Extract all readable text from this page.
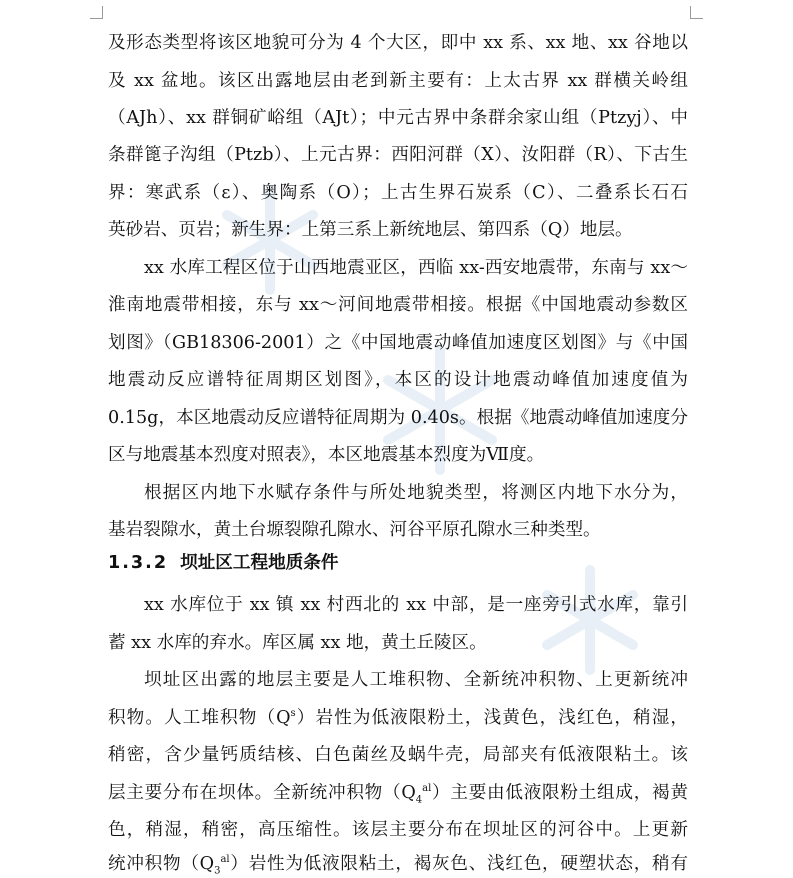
及形态类型将该区地貌可分为 4 个大区，即中 xx 系、xx 地、xx 谷地以
及 xx 盆地。该区出露地层由老到新主要有：上太古界 xx 群横关岭组
（AJh）、xx 群铜矿峪组（AJt）；中元古界中条群余家山组（Ptzyj）、中
条群篦子沟组（Ptzb）、上元古界：西阳河群（X）、汝阳群（R）、下古生
界：寒武系（ε）、奥陶系（O）；上古生界石炭系（C）、二叠系长石石
英砂岩、页岩；新生界：上第三系上新统地层、第四系（Q）地层。
xx 水库工程区位于山西地震亚区，西临 xx-西安地震带，东南与 xx～
淮南地震带相接，东与 xx～河间地震带相接。根据《中国地震动参数区
划图》（GB18306-2001）之《中国地震动峰值加速度区划图》与《中国
地震动反应谱特征周期区划图》，本区的设计地震动峰值加速度值为
0.15g，本区地震动反应谱特征周期为 0.40s。根据《地震动峰值加速度分
区与地震基本烈度对照表》，本区地震基本烈度为Ⅶ度。
根据区内地下水赋存条件与所处地貌类型，将测区内地下水分为，
基岩裂隙水，黄土台塬裂隙孔隙水、河谷平原孔隙水三种类型。
1.3.2 坝址区工程地质条件
xx 水库位于 xx 镇 xx 村西北的 xx 中部，是一座旁引式水库，靠引
蓄 xx 水库的弃水。库区属 xx 地，黄土丘陵区。
坝址区出露的地层主要是人工堆积物、全新统冲积物、上更新统冲
积物。人工堆积物$(Q^s)$岩性为低液限粉土，浅黄色，浅红色，稍湿，
稍密，含少量钙质结核、白色菌丝及蜗牛壳，局部夹有低液限粘土。该
层主要分布在坝体。全新统冲积物$(Q_4^{al})$主要由低液限粉土组成，褐黄
色，稍湿，稍密，高压缩性。该层主要分布在坝址区的河谷中。上更新
统冲积物$(Q_3^{al})$岩性为低液限粘土，褐灰色、浅红色，硬塑状态，稍有
